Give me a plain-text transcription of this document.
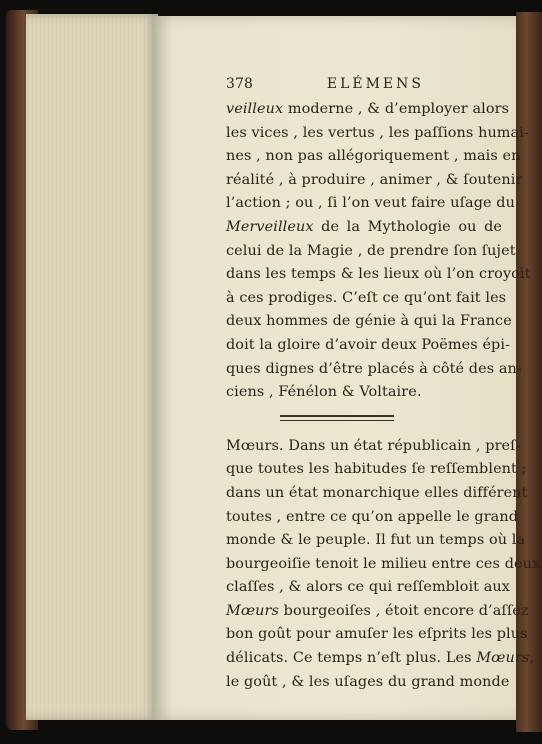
378	ELÉMENS
veilleux moderne , & d’employer alors
les vices , les vertus , les paſſions humai-
nes , non pas allégoriquement , mais en
réalité , à produire , animer , & ſoutenir
l’action ; ou , ſi l’on veut faire uſage du
Merveilleux de la Mythologie ou de
celui de la Magie , de prendre ſon ſujet
dans les temps & les lieux où l’on croyoit
à ces prodiges. C’eſt ce qu’ont fait les
deux hommes de génie à qui la France
doit la gloire d’avoir deux Poëmes épi-
ques dignes d’être placés à côté des an-
ciens , Fénélon & Voltaire.
Mœurs. Dans un état républicain , preſ-
que toutes les habitudes ſe reſſemblent ;
dans un état monarchique elles différent
toutes , entre ce qu’on appelle le grand
monde & le peuple. Il fut un temps où la
bourgeoiſie tenoit le milieu entre ces deux
claſſes , & alors ce qui reſſembloit aux
Mœurs bourgeoiſes , étoit encore d’aſſez
bon goût pour amuſer les eſprits les plus
délicats. Ce temps n’eſt plus. Les Mœurs,
le goût , & les uſages du grand monde
